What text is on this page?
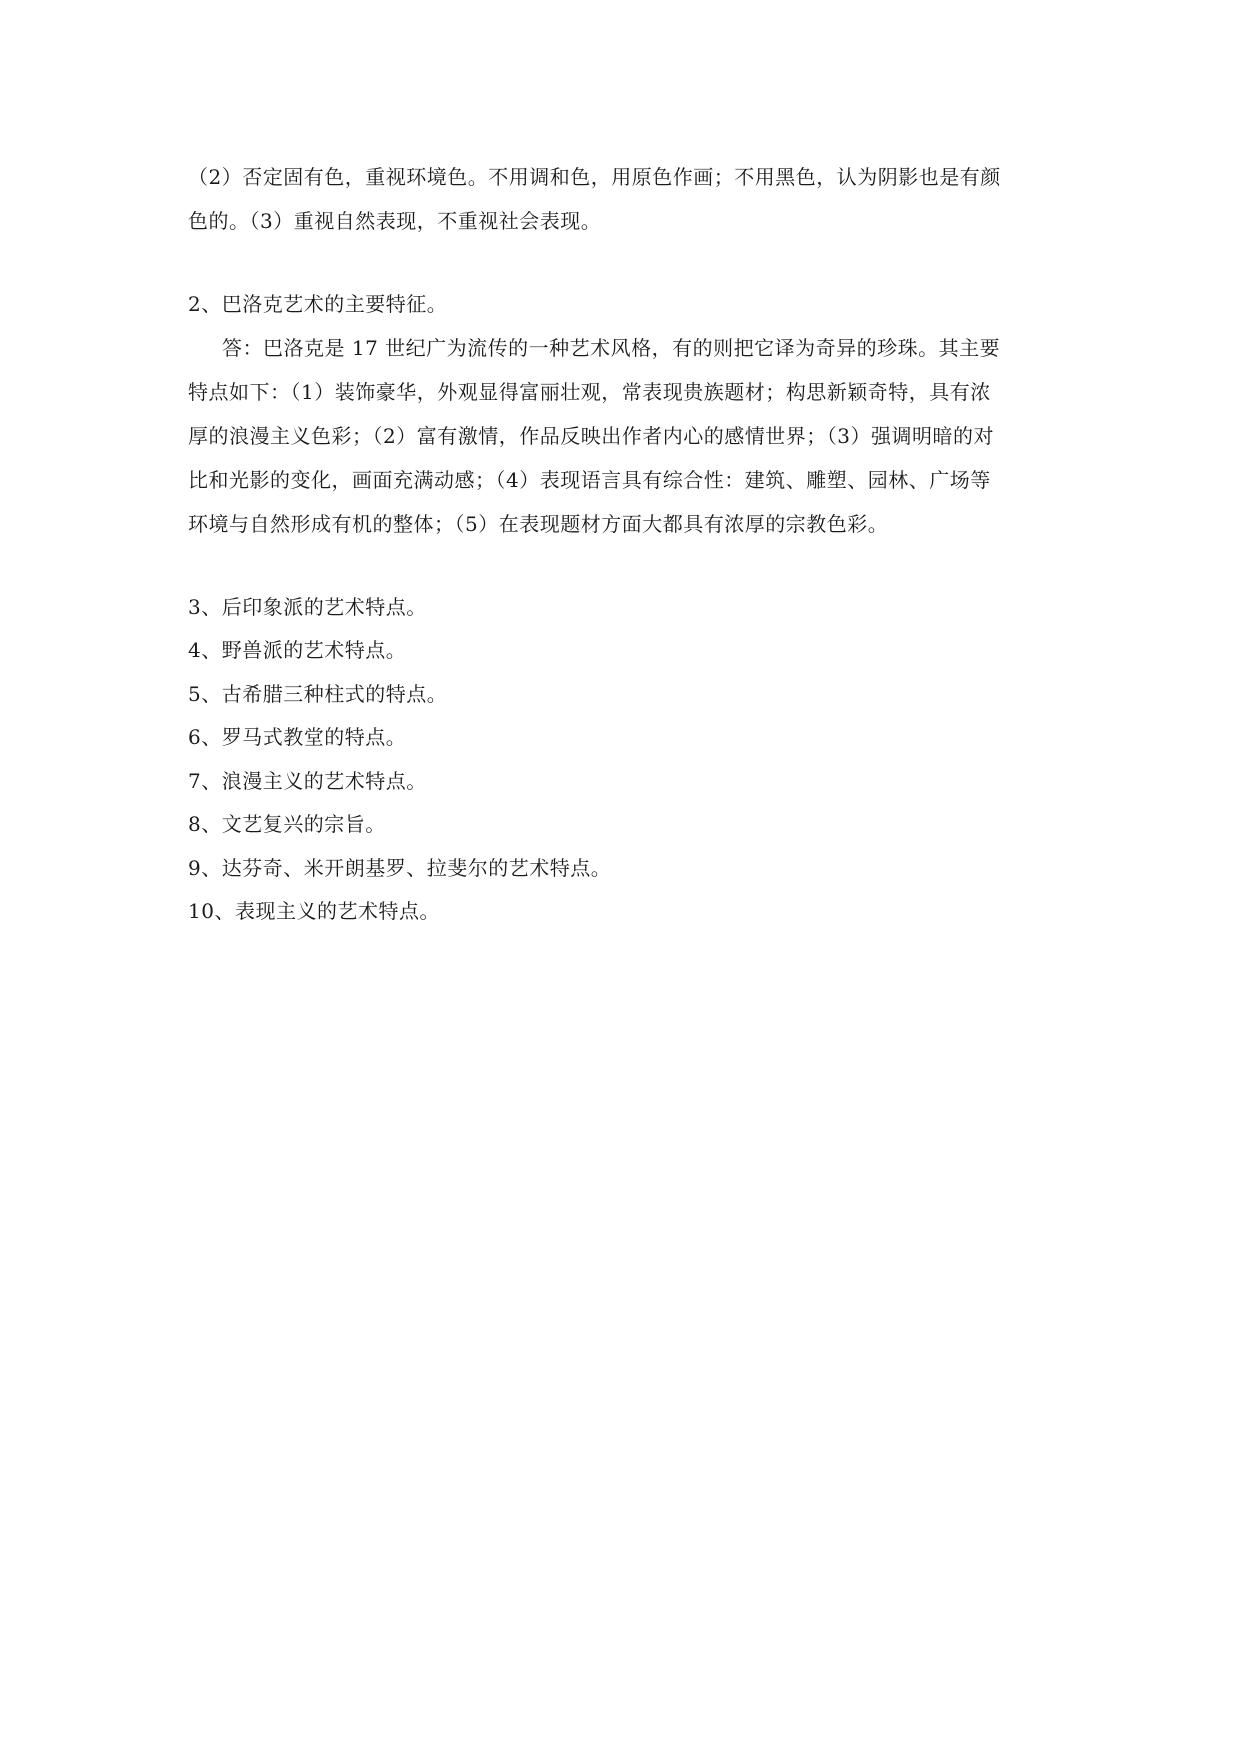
（2）否定固有色，重视环境色。不用调和色，用原色作画；不用黑色，认为阴影也是有颜
色的。（3）重视自然表现，不重视社会表现。
2、巴洛克艺术的主要特征。
答：巴洛克是 17 世纪广为流传的一种艺术风格，有的则把它译为奇异的珍珠。其主要
特点如下：（1）装饰豪华，外观显得富丽壮观，常表现贵族题材；构思新颖奇特，具有浓
厚的浪漫主义色彩；（2）富有激情，作品反映出作者内心的感情世界；（3）强调明暗的对
比和光影的变化，画面充满动感；（4）表现语言具有综合性：建筑、雕塑、园林、广场等
环境与自然形成有机的整体；（5）在表现题材方面大都具有浓厚的宗教色彩。
3、后印象派的艺术特点。
4、野兽派的艺术特点。
5、古希腊三种柱式的特点。
6、罗马式教堂的特点。
7、浪漫主义的艺术特点。
8、文艺复兴的宗旨。
9、达芬奇、米开朗基罗、拉斐尔的艺术特点。
10、表现主义的艺术特点。
